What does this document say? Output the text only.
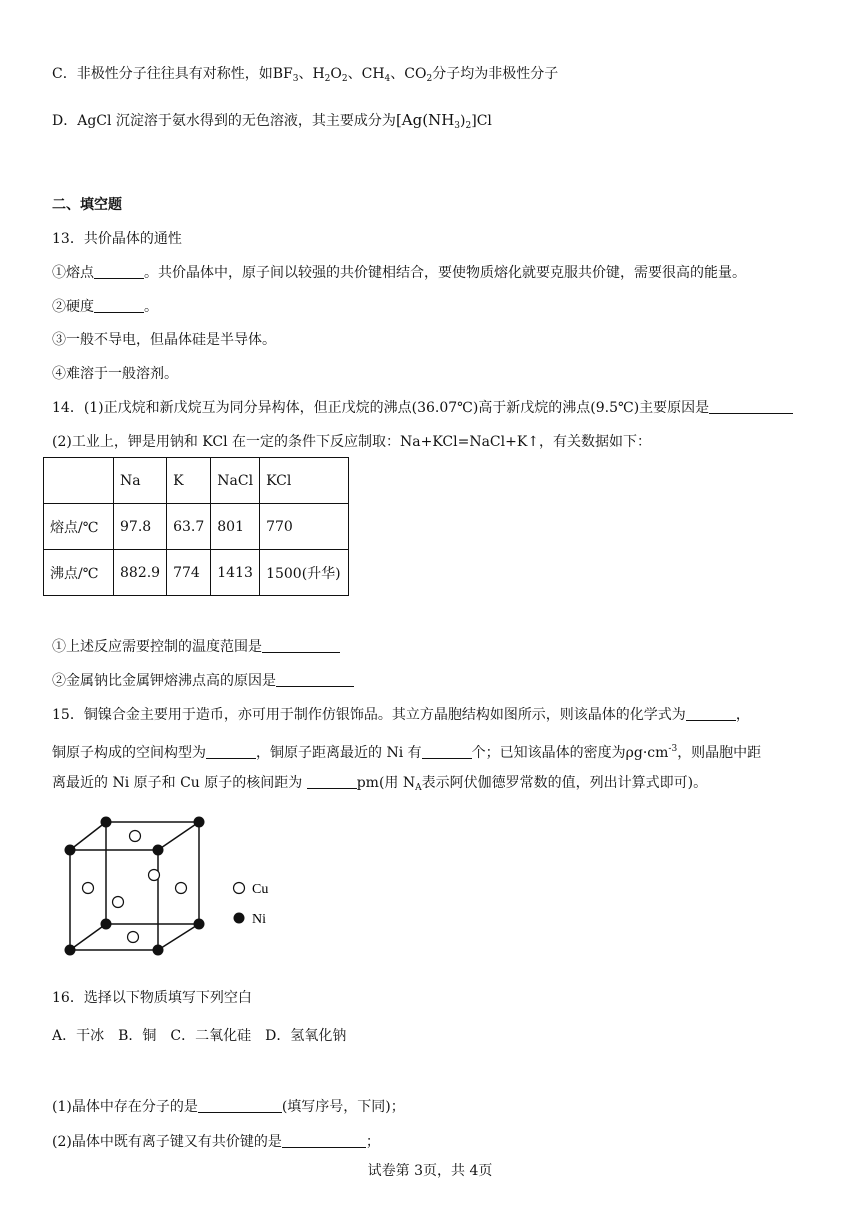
C．非极性分子往往具有对称性，如$BF_3$、$H_2O_2$、$CH_4$、$CO_2$分子均为非极性分子
D．AgCl 沉淀溶于氨水得到的无色溶液，其主要成分为$[Ag(NH_3)_2]Cl$
二、填空题
13．共价晶体的通性
①熔点	。共价晶体中，原子间以较强的共价键相结合，要使物质熔化就要克服共价键，需要很高的能量。
②硬度	。
③一般不导电，但晶体硅是半导体。
④难溶于一般溶剂。
14．(1)正戊烷和新戊烷互为同分异构体，但正戊烷的沸点(36.07℃)高于新戊烷的沸点(9.5℃)主要原因是
(2)工业上，钾是用钠和 KCl 在一定的条件下反应制取：Na+KCl=NaCl+K↑，有关数据如下：
	Na	K	NaCl	KCl
熔点/℃	97.8	63.7	801	770
沸点/℃	882.9	774	1413	1500(升华)
①上述反应需要控制的温度范围是
②金属钠比金属钾熔沸点高的原因是
15．铜镍合金主要用于造币，亦可用于制作仿银饰品。其立方晶胞结构如图所示，则该晶体的化学式为	，
铜原子构成的空间构型为	，铜原子距离最近的 Ni 有	个；已知该晶体的密度为$\rho g\cdot cm^{-3}$，则晶胞中距
离最近的 Ni 原子和 Cu 原子的核间距为	pm(用 $N_A$表示阿伏伽德罗常数的值，列出计算式即可)。
Cu
Ni
16．选择以下物质填写下列空白
A．干冰　B．铜　C．二氧化硅　D．氢氧化钠
(1)晶体中存在分子的是	(填写序号，下同)；
(2)晶体中既有离子键又有共价键的是	；
试卷第 3页，共 4页
